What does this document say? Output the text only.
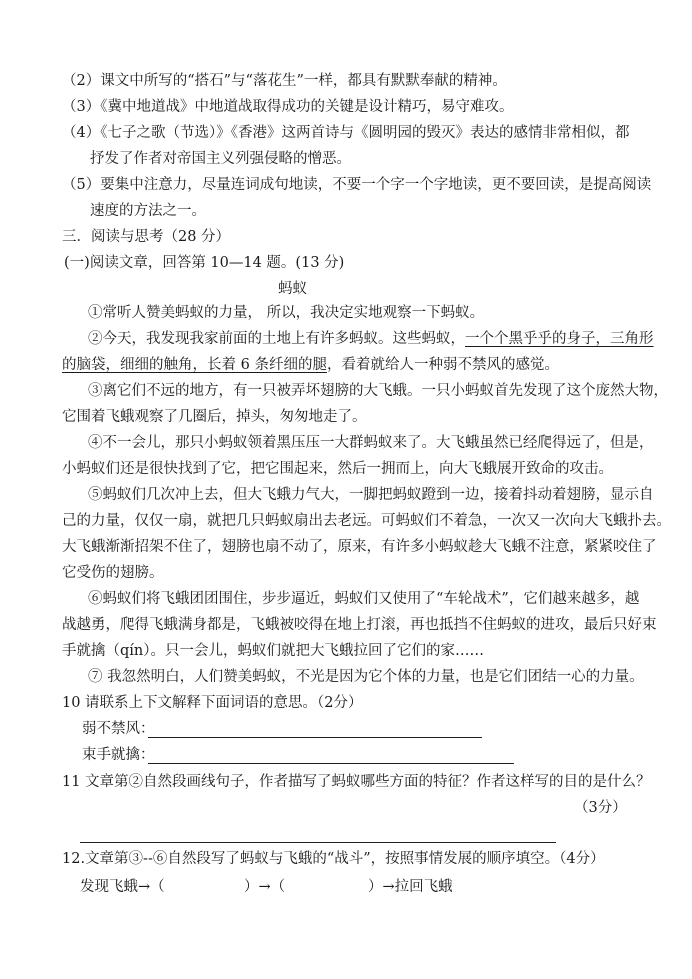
（2）课文中所写的“搭石”与“落花生”一样，都具有默默奉献的精神。
（3）《冀中地道战》中地道战取得成功的关键是设计精巧，易守难攻。
（4）《七子之歌（节选）》《香港》这两首诗与《圆明园的毁灭》表达的感情非常相似，都
抒发了作者对帝国主义列强侵略的憎恶。
（5）要集中注意力，尽量连词成句地读，不要一个字一个字地读，更不要回读，是提高阅读
速度的方法之一。
三．阅读与思考（28 分）
(一)阅读文章，回答第 10—14 题。(13 分)
蚂蚁
①常听人赞美蚂蚁的力量， 所以，我决定实地观察一下蚂蚁。
②今天，我发现我家前面的土地上有许多蚂蚁。这些蚂蚁，一个个黑乎乎的身子，三角形
的脑袋，细细的触角，长着 6 条纤细的腿，看着就给人一种弱不禁风的感觉。
③离它们不远的地方，有一只被弄坏翅膀的大飞蛾。一只小蚂蚁首先发现了这个庞然大物，
它围着飞蛾观察了几圈后，掉头，匆匆地走了。
④不一会儿，那只小蚂蚁领着黑压压一大群蚂蚁来了。大飞蛾虽然已经爬得远了，但是，
小蚂蚁们还是很快找到了它，把它围起来，然后一拥而上，向大飞蛾展开致命的攻击。
⑤蚂蚁们几次冲上去，但大飞蛾力气大，一脚把蚂蚁蹬到一边，接着抖动着翅膀，显示自
己的力量，仅仅一扇，就把几只蚂蚁扇出去老远。可蚂蚁们不着急，一次又一次向大飞蛾扑去。
大飞蛾渐渐招架不住了，翅膀也扇不动了，原来，有许多小蚂蚁趁大飞蛾不注意，紧紧咬住了
它受伤的翅膀。
⑥蚂蚁们将飞蛾团团围住，步步逼近，蚂蚁们又使用了“车轮战术”，它们越来越多，越
战越勇，爬得飞蛾满身都是，飞蛾被咬得在地上打滚，再也抵挡不住蚂蚁的进攻，最后只好束
手就擒（qín）。只一会儿，蚂蚁们就把大飞蛾拉回了它们的家……
⑦ 我忽然明白，人们赞美蚂蚁，不光是因为它个体的力量，也是它们团结一心的力量。
10 请联系上下文解释下面词语的意思。（2分）
弱不禁风：
束手就擒：
11 文章第②自然段画线句子，作者描写了蚂蚁哪些方面的特征？作者这样写的目的是什么？
（3分）
12.文章第③--⑥自然段写了蚂蚁与飞蛾的“战斗”，按照事情发展的顺序填空。（4分）
发现飞蛾→（	）→（	）→拉回飞蛾
